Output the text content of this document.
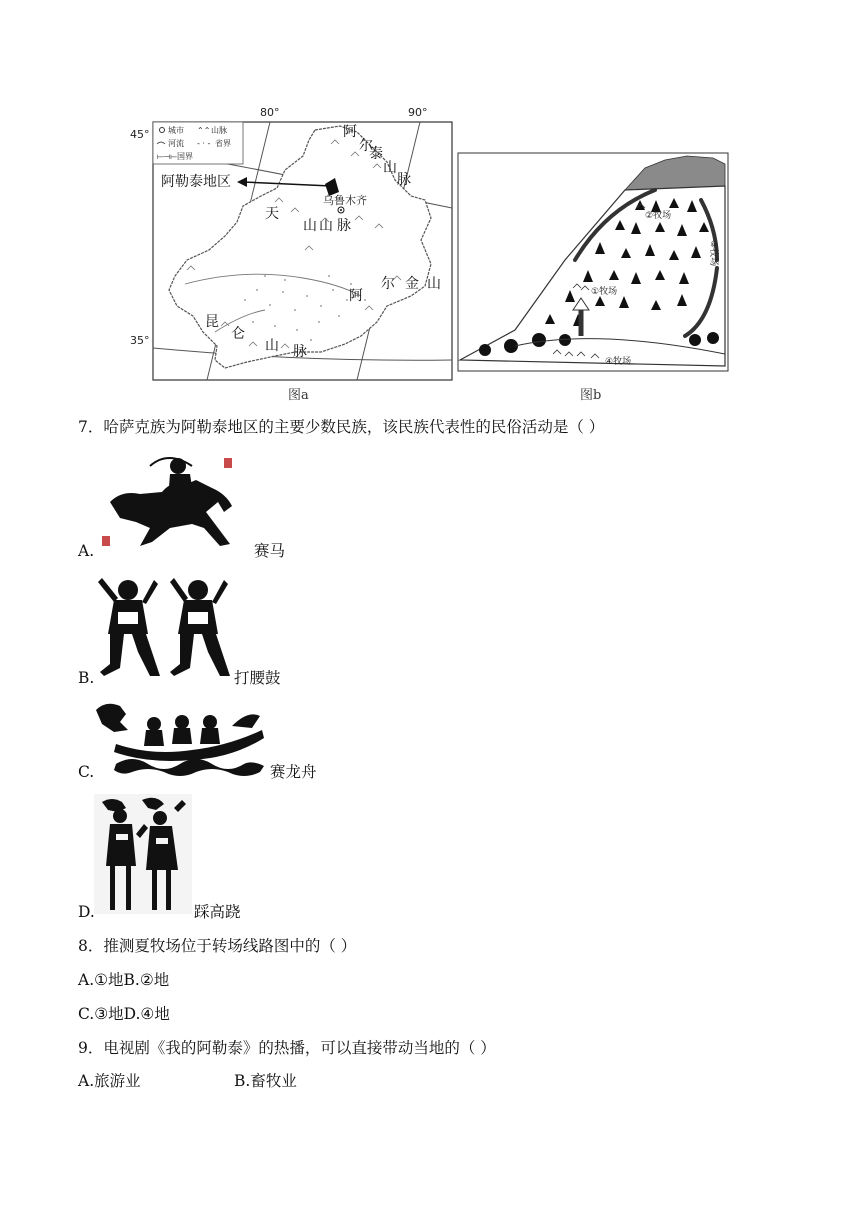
80°	90°
45°
35°
城市 ⌃⌃ 山脉
河流 - · - 省界
⟝⟞⟝ 国界
阿勒泰地区
阿
尔
泰
山
脉
天
山 山 脉
阿
尔 金 山
昆
仑
山 脉
乌鲁木齐
图a
②牧场
③牧场
①牧场
④牧场
图b
7．哈萨克族为阿勒泰地区的主要少数民族，该民族代表性的民俗活动是（ ）
A.	赛马
B.	打腰鼓
C.	赛龙舟
D.	踩高跷
8．推测夏牧场位于转场线路图中的（ ）
A.①地B.②地
C.③地D.④地
9．电视剧《我的阿勒泰》的热播，可以直接带动当地的（ ）
A.旅游业	B.畜牧业
